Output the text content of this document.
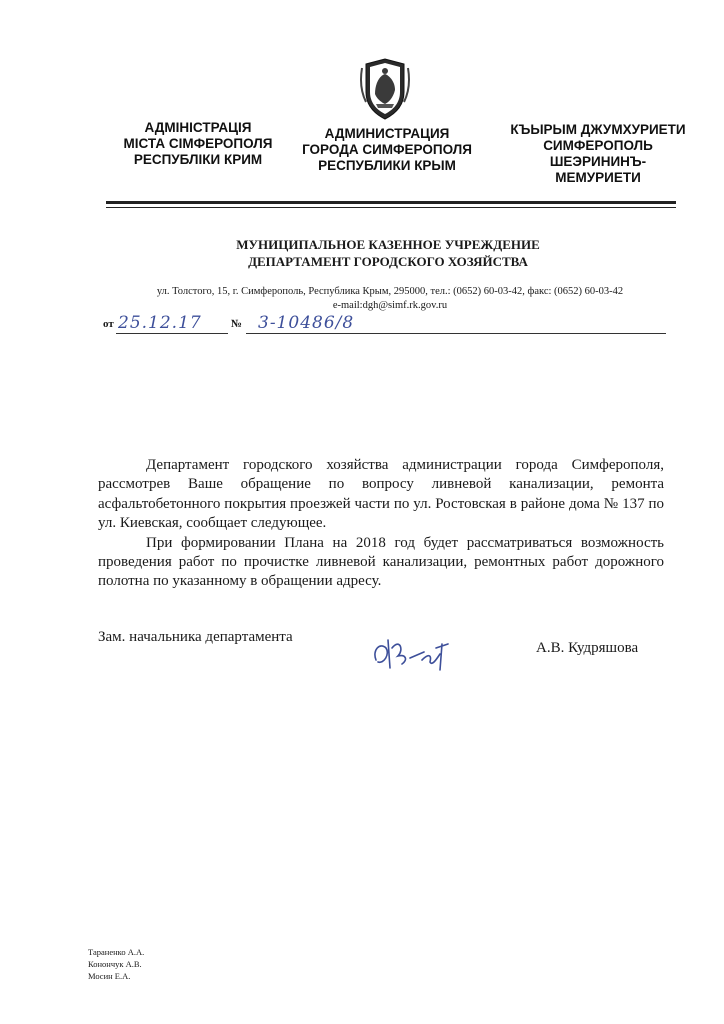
АДМІНІСТРАЦІЯ
МІСТА СІМФЕРОПОЛЯ
РЕСПУБЛІКИ КРИМ
АДМИНИСТРАЦИЯ
ГОРОДА СИМФЕРОПОЛЯ
РЕСПУБЛИКИ КРЫМ
КЪЫРЫМ ДЖУМХУРИЕТИ
СИМФЕРОПОЛЬ
ШЕЭРИНИНЪ-
МЕМУРИЕТИ
МУНИЦИПАЛЬНОЕ КАЗЕННОЕ УЧРЕЖДЕНИЕ
ДЕПАРТАМЕНТ ГОРОДСКОГО ХОЗЯЙСТВА
ул. Толстого, 15, г. Симферополь, Республика Крым, 295000, тел.: (0652) 60-03-42, факс: (0652) 60-03-42
e-mail:dgh@simf.rk.gov.ru
от 25.12.17	№ 3-10486/8

Департамент городского хозяйства администрации города Симферополя, рассмотрев Ваше обращение по вопросу ливневой канализации, ремонта асфальтобетонного покрытия проезжей части по ул. Ростовская в районе дома № 137 по ул. Киевская, сообщает следующее.

При формировании Плана на 2018 год будет рассматриваться возможность проведения работ по прочистке ливневой канализации, ремонтных работ дорожного полотна по указанному в обращении адресу.

Зам. начальника департамента
А.В. Кудряшова
Тараненко А.А.
Конончук А.В.
Мосин Е.А.
